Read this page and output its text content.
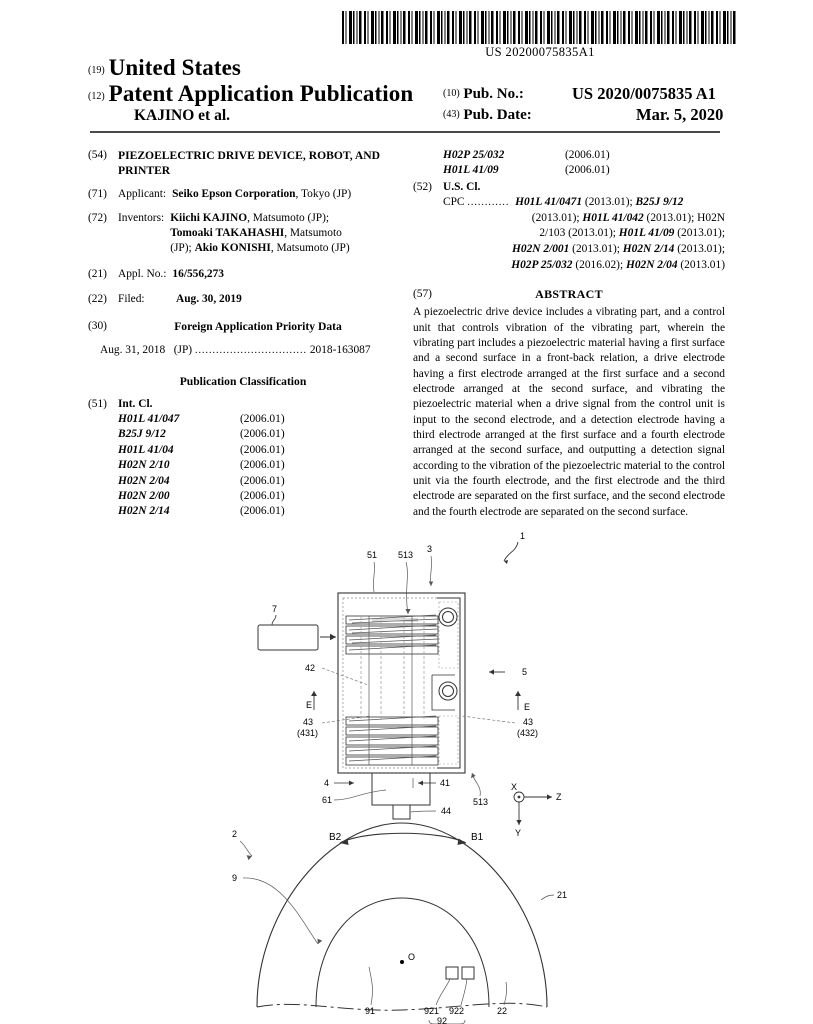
US 20200075835A1
(19) United States
(12) Patent Application Publication
KAJINO et al.
(10) Pub. No.:	US 2020/0075835 A1
(43) Pub. Date:	Mar. 5, 2020
(54) PIEZOELECTRIC DRIVE DEVICE, ROBOT, AND PRINTER
(71) Applicant: Seiko Epson Corporation, Tokyo (JP)
(72) Inventors: Kiichi KAJINO, Matsumoto (JP);
Tomoaki TAKAHASHI, Matsumoto
(JP); Akio KONISHI, Matsumoto (JP)
(21) Appl. No.: 16/556,273
(22) Filed:	Aug. 30, 2019
(30)	Foreign Application Priority Data
Aug. 31, 2018 (JP) ................................ 2018-163087
Publication Classification
(51) Int. Cl.
H01L 41/047	(2006.01)
B25J 9/12	(2006.01)
H01L 41/04	(2006.01)
H02N 2/10	(2006.01)
H02N 2/04	(2006.01)
H02N 2/00	(2006.01)
H02N 2/14	(2006.01)
H02P 25/032	(2006.01)
H01L 41/09	(2006.01)
(52) U.S. Cl.
CPC ............ H01L 41/0471 (2013.01); B25J 9/12
(2013.01); H01L 41/042 (2013.01); H02N
2/103 (2013.01); H01L 41/09 (2013.01);
H02N 2/001 (2013.01); H02N 2/14 (2013.01);
H02P 25/032 (2016.02); H02N 2/04 (2013.01)
(57)	ABSTRACT
A piezoelectric drive device includes a vibrating part, and a control unit that controls vibration of the vibrating part, wherein the vibrating part includes a piezoelectric material having a first surface and a second surface in a front-back relation, a drive electrode having a first electrode arranged at the first surface and a second electrode arranged at the second surface, and vibrating the piezoelectric material when a drive signal from the control unit is input to the second electrode, and a detection electrode having a third electrode arranged at the first surface and a fourth electrode arranged at the second surface, and outputting a detection signal according to the vibration of the piezoelectric material to the control unit via the fourth electrode, and the first electrode and the third electrode are separated on the first surface, and the second electrode and the fourth electrode are separated on the second surface.
1
7
51 513
3
42
E
43
(431)
5
E
43
(432)
4	41
61
44
513
X
Z
Y
B2	B1
O
2
9
21
91	921 922
92
22
